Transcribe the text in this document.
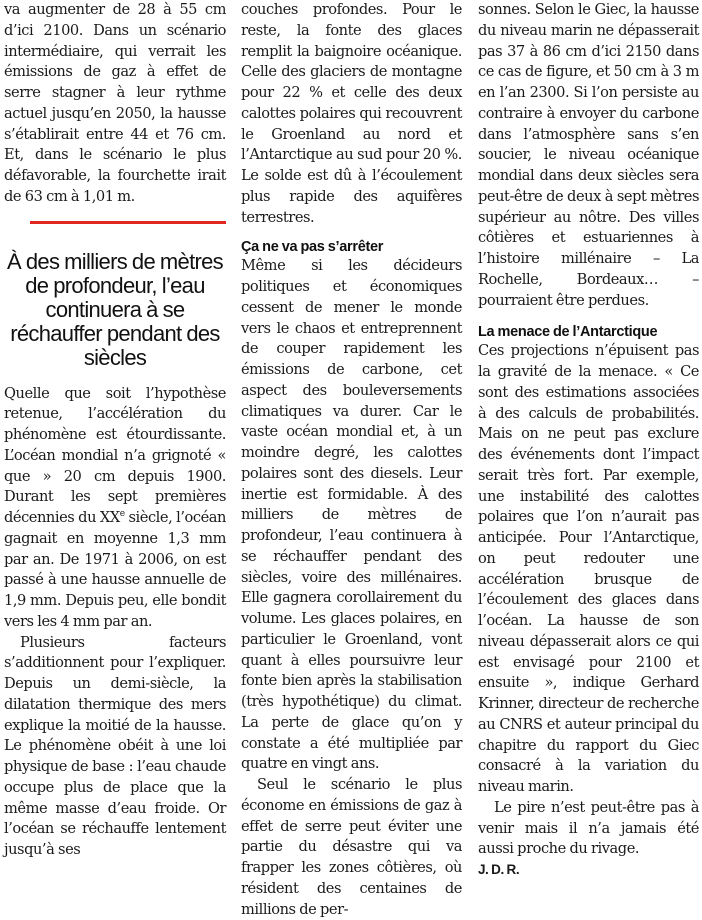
va augmenter de 28 à 55 cm d’ici 2100. Dans un scénario intermédiaire, qui verrait les émissions de gaz à effet de serre stagner à leur rythme actuel jusqu’en 2050, la hausse s’établirait entre 44 et 76 cm. Et, dans le scénario le plus défavorable, la fourchette irait de 63 cm à 1,01 m.

À des milliers de mètres de profondeur, l’eau continuera à se réchauffer pendant des siècles

Quelle que soit l’hypothèse retenue, l’accélération du phénomène est étourdissante. L’océan mondial n’a grignoté « que » 20 cm depuis 1900. Durant les sept premières décennies du XXe siècle, l’océan gagnait en moyenne 1,3 mm par an. De 1971 à 2006, on est passé à une hausse annuelle de 1,9 mm. Depuis peu, elle bondit vers les 4 mm par an.

Plusieurs facteurs s’additionnent pour l’expliquer. Depuis un demi-siècle, la dilatation thermique des mers explique la moitié de la hausse. Le phénomène obéit à une loi physique de base : l’eau chaude occupe plus de place que la même masse d’eau froide. Or l’océan se réchauffe lentement jusqu’à ses

couches profondes. Pour le reste, la fonte des glaces remplit la baignoire océanique. Celle des glaciers de montagne pour 22 % et celle des deux calottes polaires qui recouvrent le Groenland au nord et l’Antarctique au sud pour 20 %. Le solde est dû à l’écoulement plus rapide des aquifères terrestres.

Ça ne va pas s’arrêter

Même si les décideurs politiques et économiques cessent de mener le monde vers le chaos et entreprennent de couper rapidement les émissions de carbone, cet aspect des bouleversements climatiques va durer. Car le vaste océan mondial et, à un moindre degré, les calottes polaires sont des diesels. Leur inertie est formidable. À des milliers de mètres de profondeur, l’eau continuera à se réchauffer pendant des siècles, voire des millénaires. Elle gagnera corollairement du volume. Les glaces polaires, en particulier le Groenland, vont quant à elles poursuivre leur fonte bien après la stabilisation (très hypothétique) du climat. La perte de glace qu’on y constate a été multipliée par quatre en vingt ans.

Seul le scénario le plus économe en émissions de gaz à effet de serre peut éviter une partie du désastre qui va frapper les zones côtières, où résident des centaines de millions de per-

sonnes. Selon le Giec, la hausse du niveau marin ne dépasserait pas 37 à 86 cm d’ici 2150 dans ce cas de figure, et 50 cm à 3 m en l’an 2300. Si l’on persiste au contraire à envoyer du carbone dans l’atmosphère sans s’en soucier, le niveau océanique mondial dans deux siècles sera peut-être de deux à sept mètres supérieur au nôtre. Des villes côtières et estuariennes à l’histoire millénaire – La Rochelle, Bordeaux… – pourraient être perdues.

La menace de l’Antarctique

Ces projections n’épuisent pas la gravité de la menace. « Ce sont des estimations associées à des calculs de probabilités. Mais on ne peut pas exclure des événements dont l’impact serait très fort. Par exemple, une instabilité des calottes polaires que l’on n’aurait pas anticipée. Pour l’Antarctique, on peut redouter une accélération brusque de l’écoulement des glaces dans l’océan. La hausse de son niveau dépasserait alors ce qui est envisagé pour 2100 et ensuite », indique Gerhard Krinner, directeur de recherche au CNRS et auteur principal du chapitre du rapport du Giec consacré à la variation du niveau marin.

Le pire n’est peut-être pas à venir mais il n’a jamais été aussi proche du rivage.

J. D. R.
